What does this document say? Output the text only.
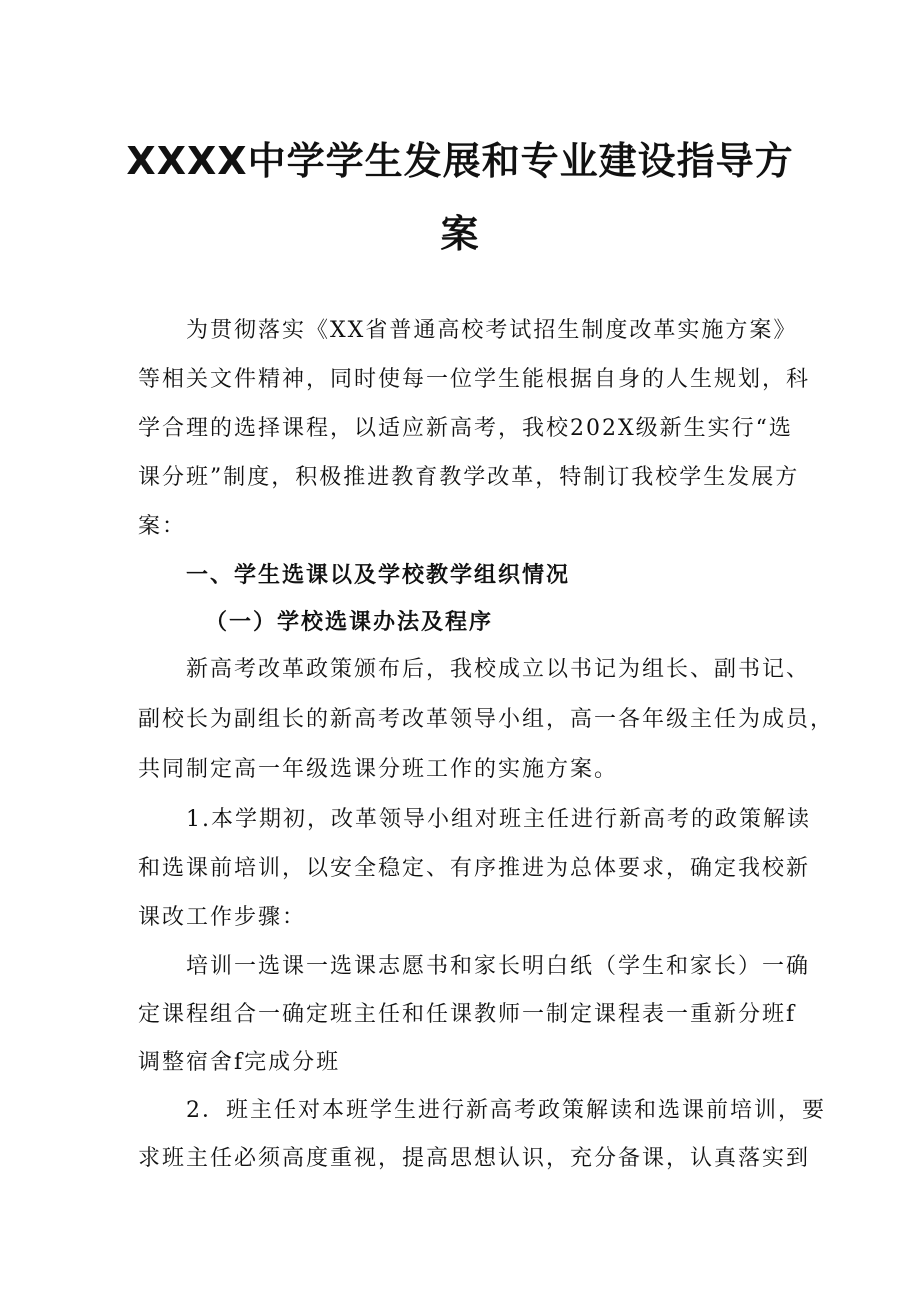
XXXX中学学生发展和专业建设指导方
案
为贯彻落实《XX省普通高校考试招生制度改革实施方案》
等相关文件精神，同时使每一位学生能根据自身的人生规划，科
学合理的选择课程，以适应新高考，我校202X级新生实行“选
课分班”制度，积极推进教育教学改革，特制订我校学生发展方
案：
一、学生选课以及学校教学组织情况
（一）学校选课办法及程序
新高考改革政策颁布后，我校成立以书记为组长、副书记、
副校长为副组长的新高考改革领导小组，高一各年级主任为成员，
共同制定高一年级选课分班工作的实施方案。
1.本学期初，改革领导小组对班主任进行新高考的政策解读
和选课前培训，以安全稳定、有序推进为总体要求，确定我校新
课改工作步骤：
培训一选课一选课志愿书和家长明白纸（学生和家长）一确
定课程组合一确定班主任和任课教师一制定课程表一重新分班f
调整宿舍f完成分班
2．班主任对本班学生进行新高考政策解读和选课前培训，要
求班主任必须高度重视，提高思想认识，充分备课，认真落实到
